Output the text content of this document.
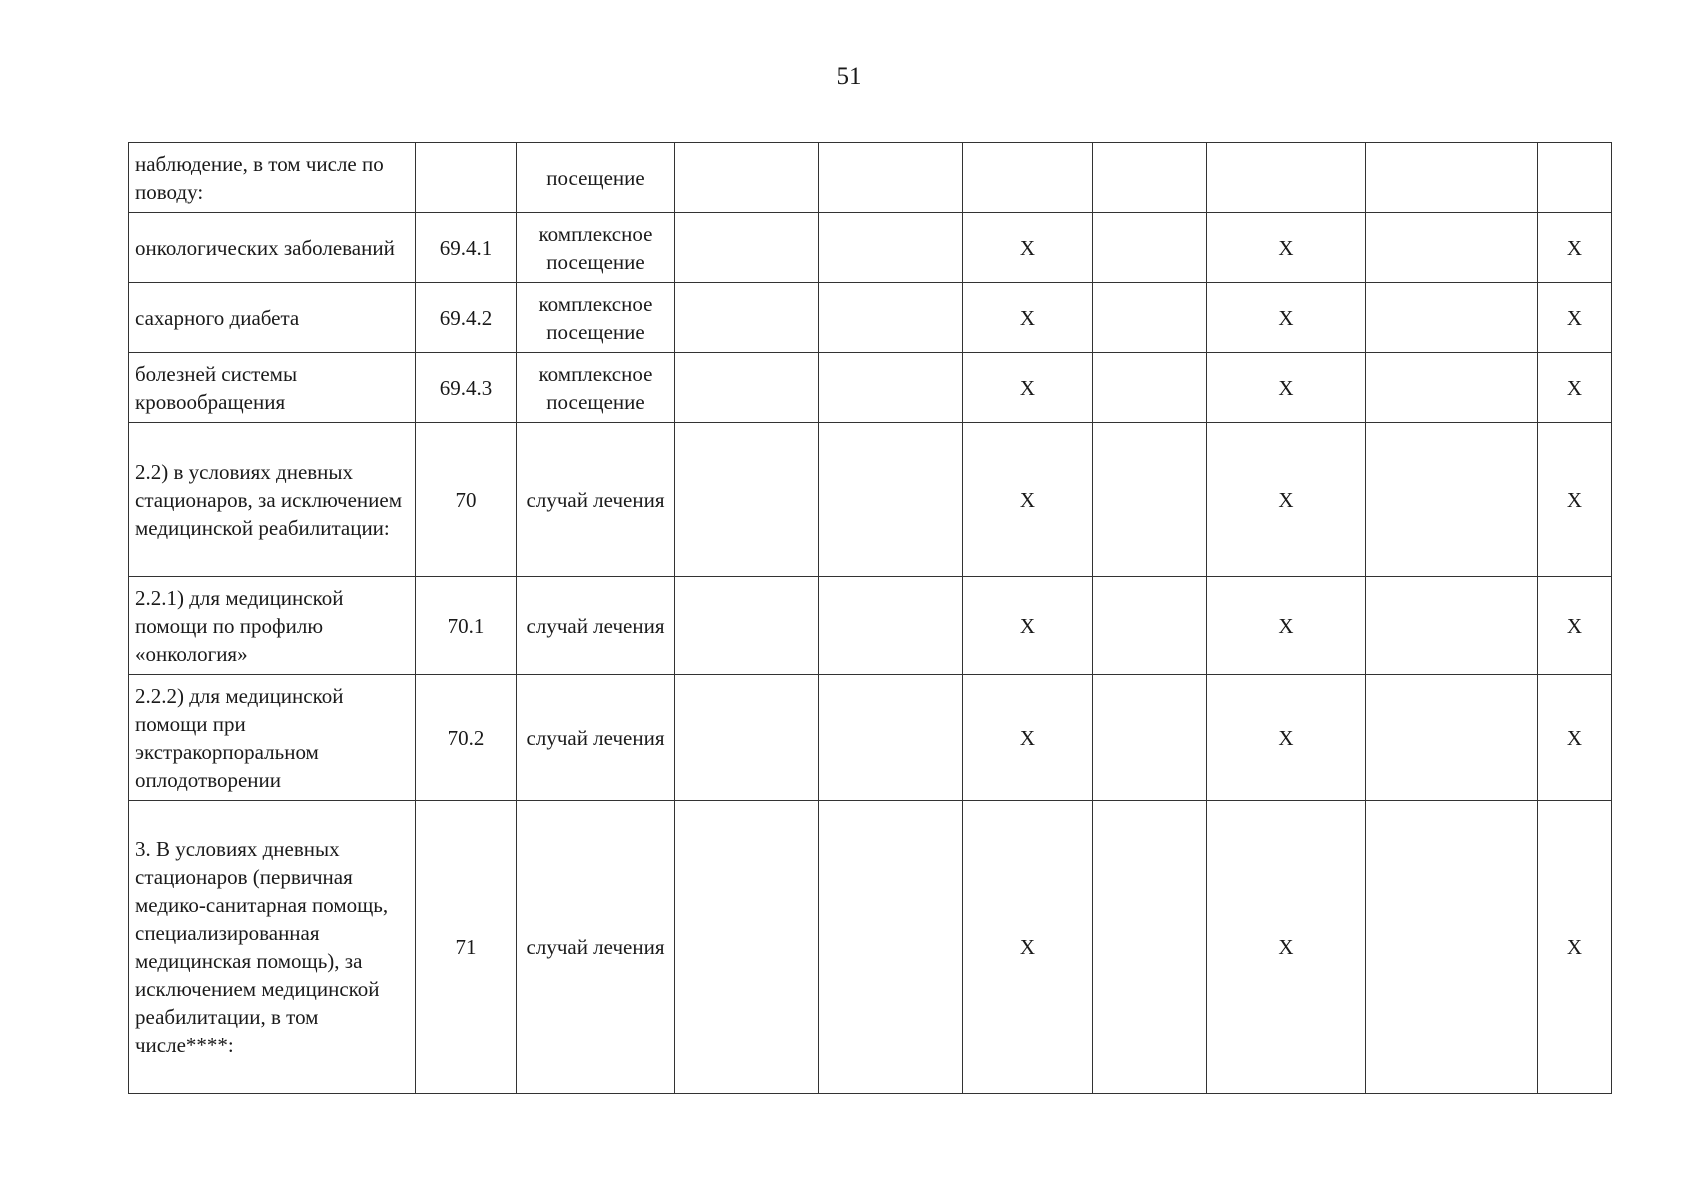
51
наблюдение, в том числе по поводу:		посещение							
онкологических заболеваний	69.4.1	комплексное посещение			X		X		X
сахарного диабета	69.4.2	комплексное посещение			X		X		X
болезней системы кровообращения	69.4.3	комплексное посещение			X		X		X
2.2) в условиях дневных стационаров, за исключением медицинской реабилитации:	70	случай лечения			X		X		X
2.2.1) для медицинской помощи по профилю «онкология»	70.1	случай лечения			X		X		X
2.2.2) для медицинской помощи при экстракорпоральном оплодотворении	70.2	случай лечения			X		X		X
3. В условиях дневных стационаров (первичная медико-санитарная помощь, специализированная медицинская помощь), за исключением медицинской реабилитации, в том числе****:	71	случай лечения			X		X		X
